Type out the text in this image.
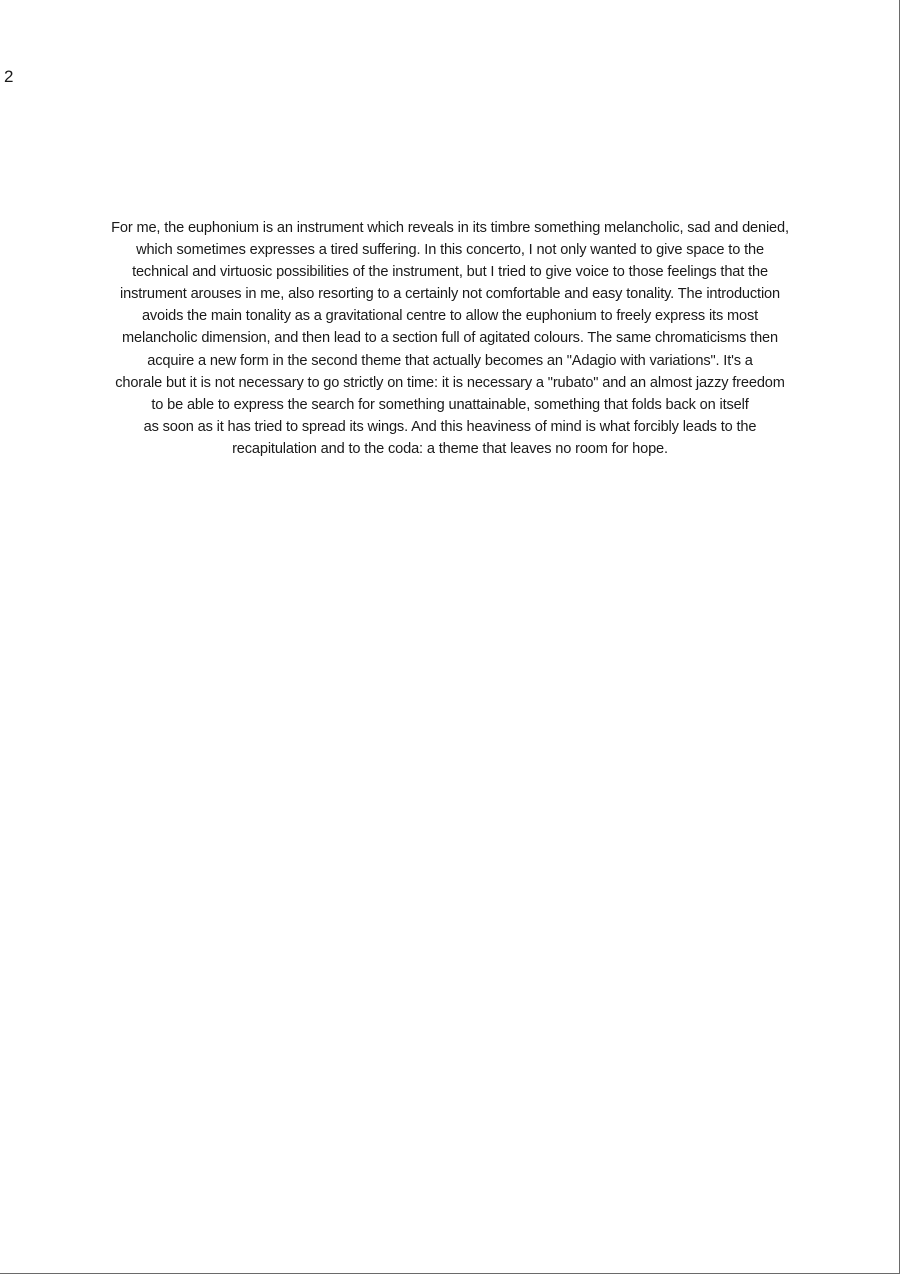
2
For me, the euphonium is an instrument which reveals in its timbre something melancholic, sad and denied,
which sometimes expresses a tired suffering. In this concerto, I not only wanted to give space to the
technical and virtuosic possibilities of the instrument, but I tried to give voice to those feelings that the
instrument arouses in me, also resorting to a certainly not comfortable and easy tonality. The introduction
avoids the main tonality as a gravitational centre to allow the euphonium to freely express its most
melancholic dimension, and then lead to a section full of agitated colours. The same chromaticisms then
acquire a new form in the second theme that actually becomes an "Adagio with variations". It's a
chorale but it is not necessary to go strictly on time: it is necessary a "rubato" and an almost jazzy freedom
to be able to express the search for something unattainable, something that folds back on itself
as soon as it has tried to spread its wings. And this heaviness of mind is what forcibly leads to the
recapitulation and to the coda: a theme that leaves no room for hope.
